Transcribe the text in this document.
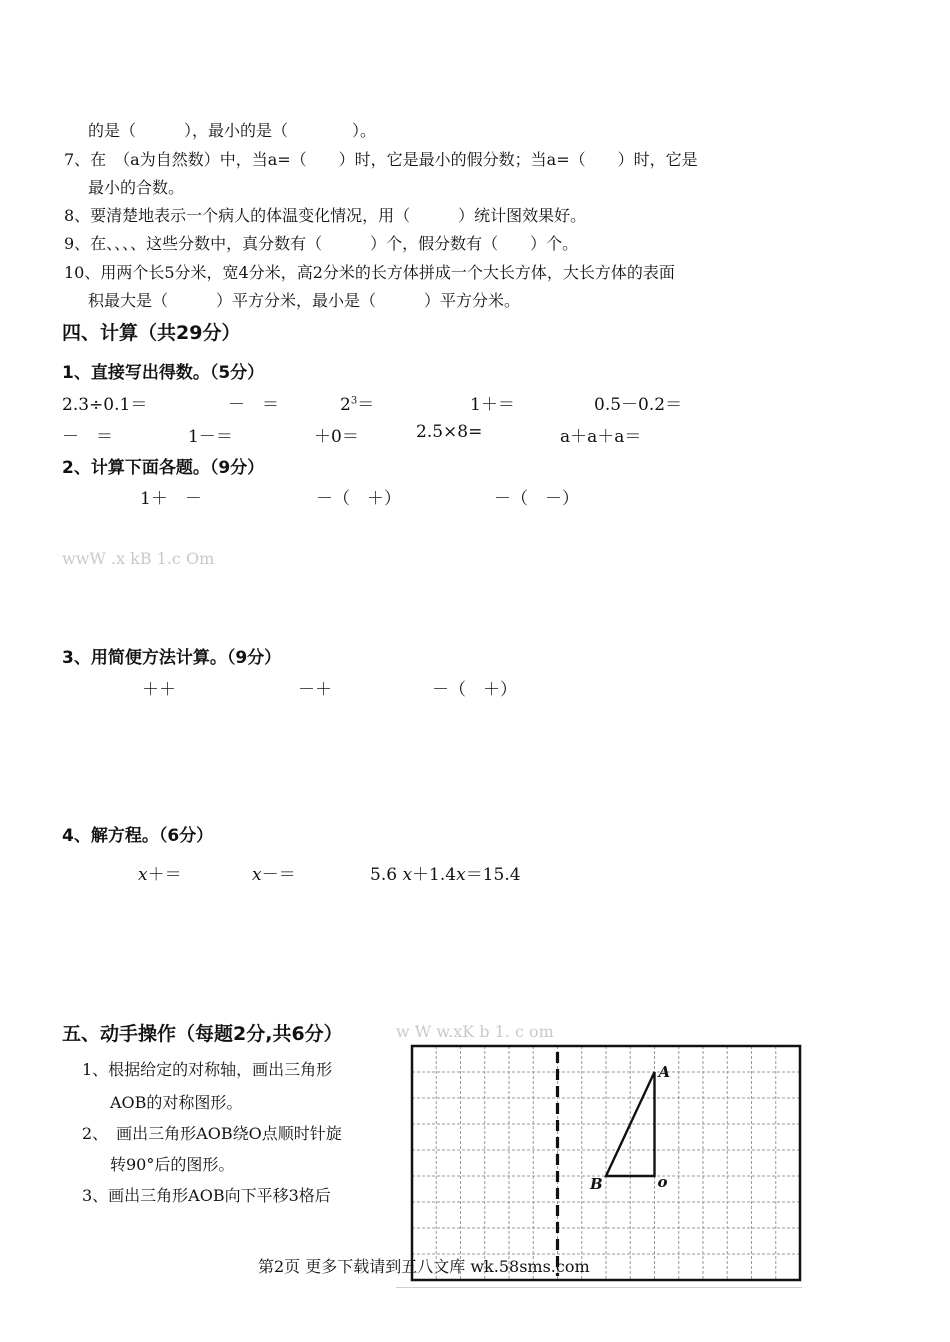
的是（　　　），最小的是（　　　　）。
7、在　（a为自然数）中，当a=（　　）时，它是最小的假分数；当a=（　　）时，它是
最小的合数。
8、要清楚地表示一个病人的体温变化情况，用（　　　）统计图效果好。
9、在、、、、这些分数中，真分数有（　　　）个，假分数有（　　）个。
10、用两个长5分米，宽4分米，高2分米的长方体拼成一个大长方体，大长方体的表面
积最大是（　　　）平方分米，最小是（　　　）平方分米。
四、计算（共29分）
1、直接写出得数。（5分）
2.3÷0.1＝	－　＝	$2^3=$	1＋＝	0.5－0.2＝
－　＝	1－＝	＋0＝	2.5×8=	a＋a＋a＝
2、计算下面各题。（9分）
1＋　－	－（　＋）	－（　－）
wwW .x kB 1.c Om
3、用简便方法计算。（9分）
＋＋	－＋	－（　＋）
4、解方程。（6分）
x＋＝	x－＝	5.6 x＋1.4x＝15.4
五、动手操作（每题2分,共6分）	w W w.xK b 1. c om
1、根据给定的对称轴，画出三角形
AOB的对称图形。
2、　画出三角形AOB绕O点顺时针旋
转90°后的图形。
3、画出三角形AOB向下平移3格后
A
B	o
第2页 更多下载请到五八文库 wk.58sms.com
